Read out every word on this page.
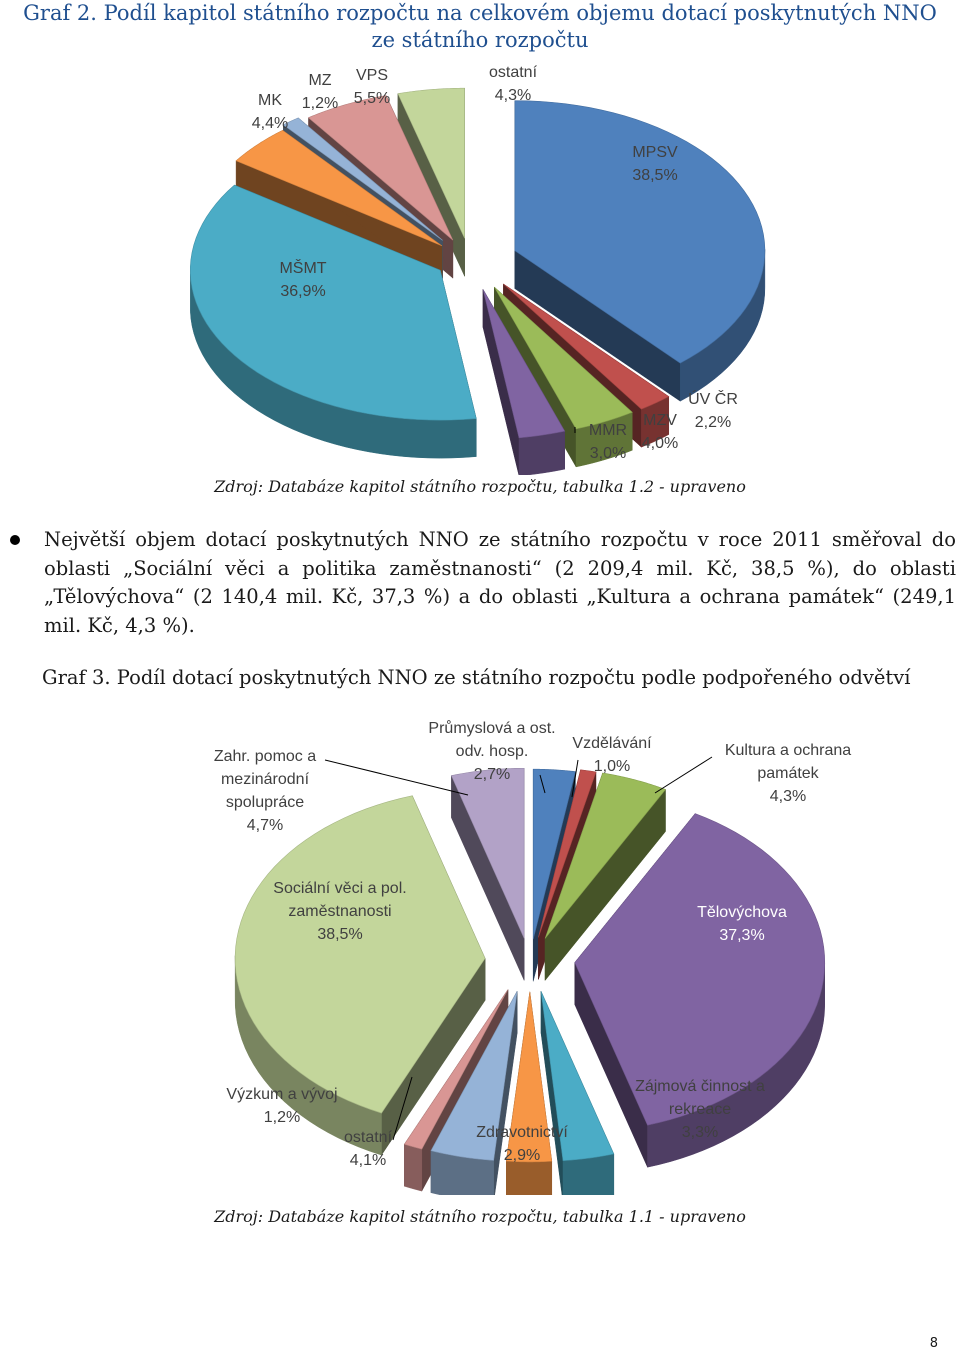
Graf 2. Podíl kapitol státního rozpočtu na celkovém objemu dotací poskytnutých NNO
ze státního rozpočtu
MPSV 38,5%
ÚV ČR 2,2%
MZV 4,0%
MMR 3,0%
MŠMT 36,9%
MK 4,4%
MZ 1,2%
VPS 5,5%
ostatní 4,3%
Zdroj: Databáze kapitol státního rozpočtu, tabulka 1.2 - upraveno
Největší objem dotací poskytnutých NNO ze státního rozpočtu v roce 2011 směřoval do oblasti „Sociální věci a politika zaměstnanosti“ (2 209,4 mil. Kč, 38,5 %), do oblasti „Tělovýchova“ (2 140,4 mil. Kč, 37,3 %) a do oblasti „Kultura a ochrana památek“ (249,1 mil. Kč, 4,3 %).
Graf 3. Podíl dotací poskytnutých NNO ze státního rozpočtu podle podpořeného odvětví
Průmyslová a ost. odv. hosp. 2,7%
Vzdělávání 1,0%
Kultura a ochrana památek 4,3%
Tělovýchova 37,3%
Zájmová činnost a rekreace 3,3%
Zdravotnictví 2,9%
ostatní 4,1%
Výzkum a vývoj 1,2%
Sociální věci a pol. zaměstnanosti 38,5%
Zahr. pomoc a mezinárodní spolupráce 4,7%
Zdroj: Databáze kapitol státního rozpočtu, tabulka 1.1 - upraveno
8
